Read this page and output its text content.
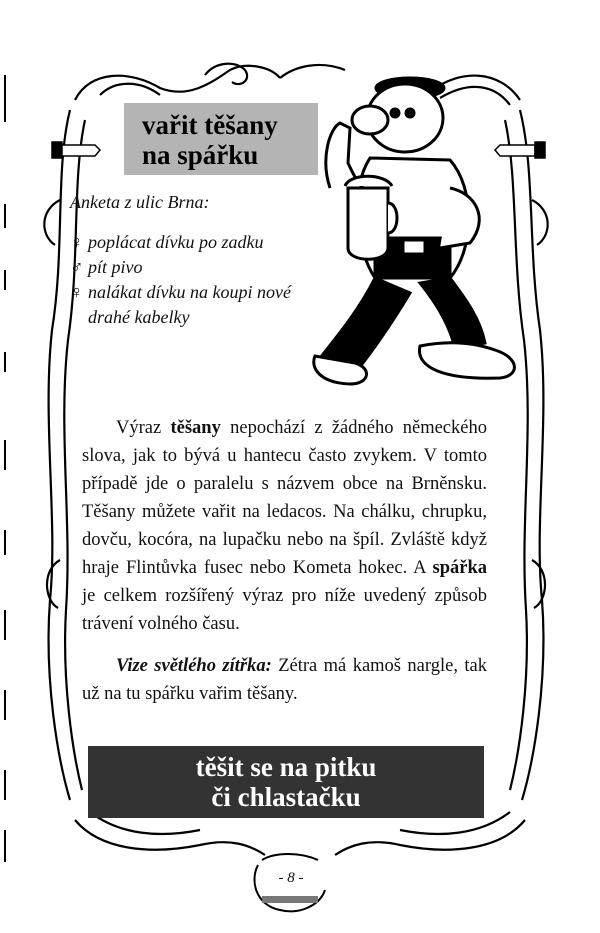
vařit těšany
na spářku
Anketa z ulic Brna:
♀ poplácat dívku po zadku
♂ pít pivo
♀ nalákat dívku na koupi nové drahé kabelky

Výraz těšany nepochází z žádného německého slova, jak to bývá u hantecu často zvykem. V tomto případě jde o paralelu s názvem obce na Brněnsku. Těšany můžete vařit na ledacos. Na chálku, chrupku, dovču, kocóra, na lupačku nebo na špíl. Zvláště když hraje Flintůvka fusec nebo Kometa hokec. A spářka je celkem rozšířený výraz pro níže uvedený způsob trávení volného času.

Vize světlého zítřka: Zétra má kamoš nargle, tak už na tu spářku vařim těšany.

těšit se na pitku
či chlastačku
- 8 -
